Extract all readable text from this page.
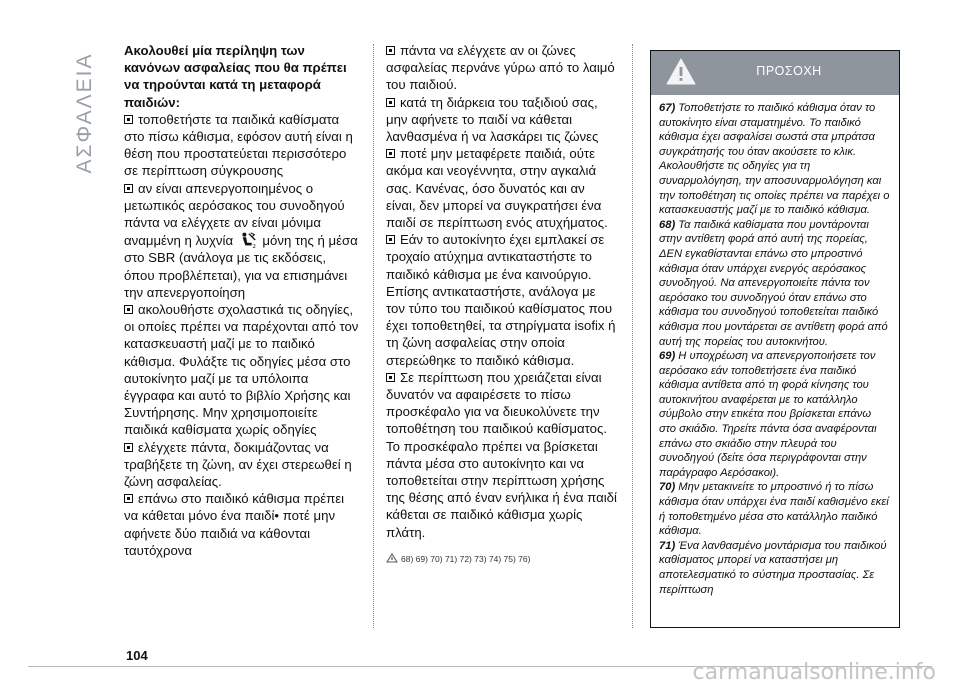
ΑΣΦΑΛΕΙΑ

Ακολουθεί μία περίληψη των κανόνων ασφαλείας που θα πρέπει να τηρούνται κατά τη μεταφορά παιδιών:

τοποθετήστε τα παιδικά καθίσματα στο πίσω κάθισμα, εφόσον αυτή είναι η θέση που προστατεύεται περισσότερο σε περίπτωση σύγκρουσης

αν είναι απενεργοποιημένος ο μετωπικός αερόσακος του συνοδηγού πάντα να ελέγχετε αν είναι μόνιμα αναμμένη η λυχνία	2 μόνη της ή μέσα στο SBR (ανάλογα με τις εκδόσεις, όπου προβλέπεται), για να επισημάνει την απενεργοποίηση

ακολουθήστε σχολαστικά τις οδηγίες, οι οποίες πρέπει να παρέχονται από τον κατασκευαστή μαζί με το παιδικό κάθισμα. Φυλάξτε τις οδηγίες μέσα στο αυτοκίνητο μαζί με τα υπόλοιπα έγγραφα και αυτό το βιβλίο Χρήσης και Συντήρησης. Μην χρησιμοποιείτε παιδικά καθίσματα χωρίς οδηγίες

ελέγχετε πάντα, δοκιμάζοντας να τραβήξετε τη ζώνη, αν έχει στερεωθεί η ζώνη ασφαλείας.

επάνω στο παιδικό κάθισμα πρέπει να κάθεται μόνο ένα παιδί• ποτέ μην αφήνετε δύο παιδιά να κάθονται ταυτόχρονα

πάντα να ελέγχετε αν οι ζώνες ασφαλείας περνάνε γύρω από το λαιμό του παιδιού.

κατά τη διάρκεια του ταξιδιού σας, μην αφήνετε το παιδί να κάθεται λανθασμένα ή να λασκάρει τις ζώνες

ποτέ μην μεταφέρετε παιδιά, ούτε ακόμα και νεογέννητα, στην αγκαλιά σας. Κανένας, όσο δυνατός και αν είναι, δεν μπορεί να συγκρατήσει ένα παιδί σε περίπτωση ενός ατυχήματος.

Εάν το αυτοκίνητο έχει εμπλακεί σε τροχαίο ατύχημα αντικαταστήστε το παιδικό κάθισμα με ένα καινούργιο. Επίσης αντικαταστήστε, ανάλογα με τον τύπο του παιδικού καθίσματος που έχει τοποθετηθεί, τα στηρίγματα isofix ή τη ζώνη ασφαλείας στην οποία στερεώθηκε το παιδικό κάθισμα.

Σε περίπτωση που χρειάζεται είναι δυνατόν να αφαιρέσετε το πίσω προσκέφαλο για να διευκολύνετε την τοποθέτηση του παιδικού καθίσματος. Το προσκέφαλο πρέπει να βρίσκεται πάντα μέσα στο αυτοκίνητο και να τοποθετείται στην περίπτωση χρήσης της θέσης από έναν ενήλικα ή ένα παιδί κάθεται σε παιδικό κάθισμα χωρίς πλάτη.

68) 69) 70) 71) 72) 73) 74) 75) 76)
ΠΡΟΣΟΧΗ

67) Τοποθετήστε το παιδικό κάθισμα όταν το αυτοκίνητο είναι σταματημένο. Το παιδικό κάθισμα έχει ασφαλίσει σωστά στα μπράτσα συγκράτησής του όταν ακούσετε το κλικ. Ακολουθήστε τις οδηγίες για τη συναρμολόγηση, την αποσυναρμολόγηση και την τοποθέτηση τις οποίες πρέπει να παρέχει ο κατασκευαστής μαζί με το παιδικό κάθισμα.

68) Τα παιδικά καθίσματα που μοντάρονται στην αντίθετη φορά από αυτή της πορείας, ΔΕΝ εγκαθίστανται επάνω στο μπροστινό κάθισμα όταν υπάρχει ενεργός αερόσακος συνοδηγού. Να απενεργοποιείτε πάντα τον αερόσακο του συνοδηγού όταν επάνω στο κάθισμα του συνοδηγού τοποθετείται παιδικό κάθισμα που μοντάρεται σε αντίθετη φορά από αυτή της πορείας του αυτοκινήτου.

69) Η υποχρέωση να απενεργοποιήσετε τον αερόσακο εάν τοποθετήσετε ένα παιδικό κάθισμα αντίθετα από τη φορά κίνησης του αυτοκινήτου αναφέρεται με το κατάλληλο σύμβολο στην ετικέτα που βρίσκεται επάνω στο σκιάδιο. Τηρείτε πάντα όσα αναφέρονται επάνω στο σκιάδιο στην πλευρά του συνοδηγού (δείτε όσα περιγράφονται στην παράγραφο Αερόσακοι).

70) Μην μετακινείτε το μπροστινό ή το πίσω κάθισμα όταν υπάρχει ένα παιδί καθισμένο εκεί ή τοποθετημένο μέσα στο κατάλληλο παιδικό κάθισμα.

71) Ένα λανθασμένο μοντάρισμα του παιδικού καθίσματος μπορεί να καταστήσει μη αποτελεσματικό το σύστημα προστασίας. Σε περίπτωση

104
carmanualsonline.info
